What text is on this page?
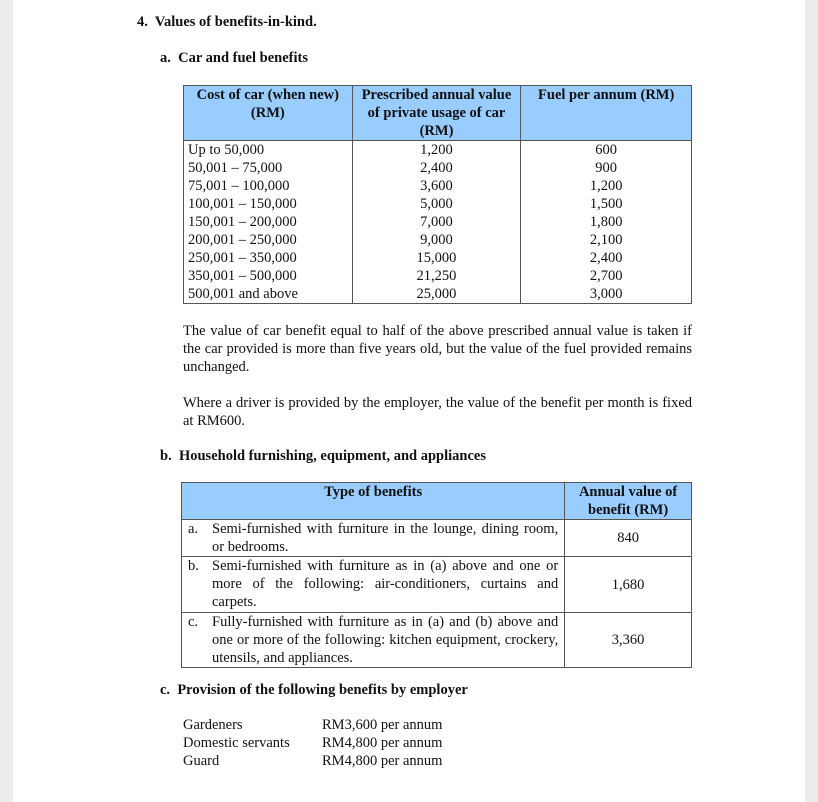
4. Values of benefits-in-kind.
a. Car and fuel benefits
Cost of car (when new) (RM)	Prescribed annual value of private usage of car (RM)	Fuel per annum (RM)
Up to 50,000	1,200	600
50,001 – 75,000	2,400	900
75,001 – 100,000	3,600	1,200
100,001 – 150,000	5,000	1,500
150,001 – 200,000	7,000	1,800
200,001 – 250,000	9,000	2,100
250,001 – 350,000	15,000	2,400
350,001 – 500,000	21,250	2,700
500,001 and above	25,000	3,000
The value of car benefit equal to half of the above prescribed annual value is taken if the car provided is more than five years old, but the value of the fuel provided remains unchanged.
Where a driver is provided by the employer, the value of the benefit per month is fixed at RM600.
b. Household furnishing, equipment, and appliances
Type of benefits	Annual value of benefit (RM)

a. Semi-furnished with furniture in the lounge, dining room, or bedrooms.	840

b. Semi-furnished with furniture as in (a) above and one or more of the following: air-conditioners, curtains and carpets.	1,680

c. Fully-furnished with furniture as in (a) and (b) above and one or more of the following: kitchen equipment, crockery, utensils, and appliances.	3,360
c. Provision of the following benefits by employer
Gardeners	RM3,600 per annum
Domestic servants RM4,800 per annum
Guard	RM4,800 per annum
